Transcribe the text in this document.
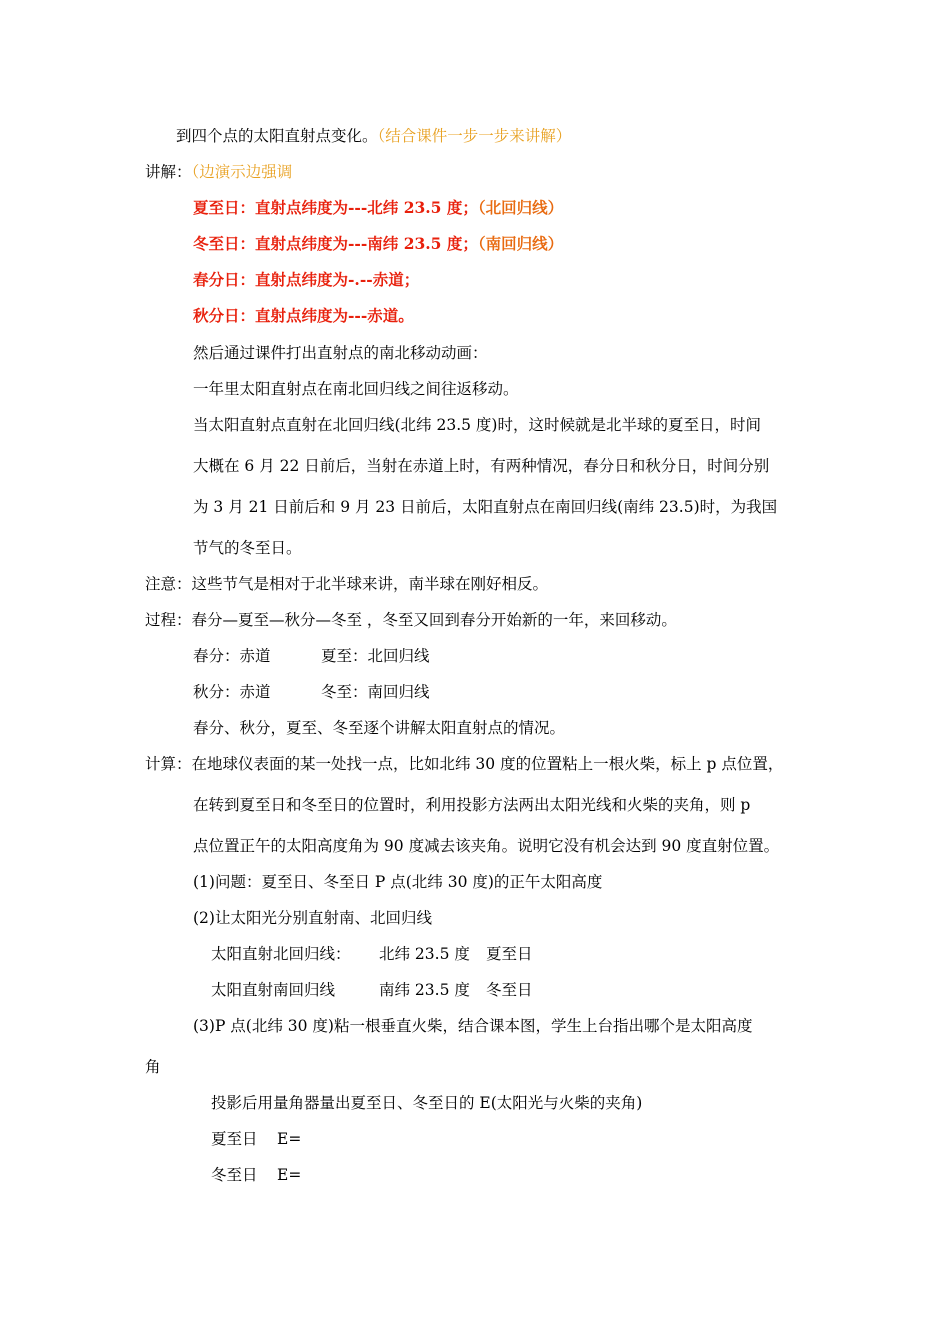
到四个点的太阳直射点变化。（结合课件一步一步来讲解）
讲解：（边演示边强调
夏至日：直射点纬度为---北纬 23.5 度；（北回归线）
冬至日：直射点纬度为---南纬 23.5 度；（南回归线）
春分日：直射点纬度为-.--赤道；
秋分日：直射点纬度为---赤道。
然后通过课件打出直射点的南北移动动画：
一年里太阳直射点在南北回归线之间往返移动。
当太阳直射点直射在北回归线(北纬 23.5 度)时，这时候就是北半球的夏至日，时间
大概在 6 月 22 日前后，当射在赤道上时，有两种情况，春分日和秋分日，时间分别
为 3 月 21 日前后和 9 月 23 日前后，太阳直射点在南回归线(南纬 23.5)时，为我国
节气的冬至日。
注意：这些节气是相对于北半球来讲，南半球在刚好相反。
过程：春分—夏至—秋分—冬至 ，冬至又回到春分开始新的一年，来回移动。
春分：赤道	夏至：北回归线
秋分：赤道	冬至：南回归线
春分、秋分，夏至、冬至逐个讲解太阳直射点的情况。
计算：在地球仪表面的某一处找一点，比如北纬 30 度的位置粘上一根火柴，标上 p 点位置，
在转到夏至日和冬至日的位置时，利用投影方法两出太阳光线和火柴的夹角，则 p
点位置正午的太阳高度角为 90 度减去该夹角。说明它没有机会达到 90 度直射位置。
(1)问题：夏至日、冬至日 P 点(北纬 30 度)的正午太阳高度
(2)让太阳光分别直射南、北回归线
太阳直射北回归线： 北纬 23.5 度 夏至日
太阳直射南回归线	南纬 23.5 度 冬至日
(3)P 点(北纬 30 度)粘一根垂直火柴，结合课本图，学生上台指出哪个是太阳高度
角
投影后用量角器量出夏至日、冬至日的 E(太阳光与火柴的夹角)
夏至日 E=
冬至日 E=
